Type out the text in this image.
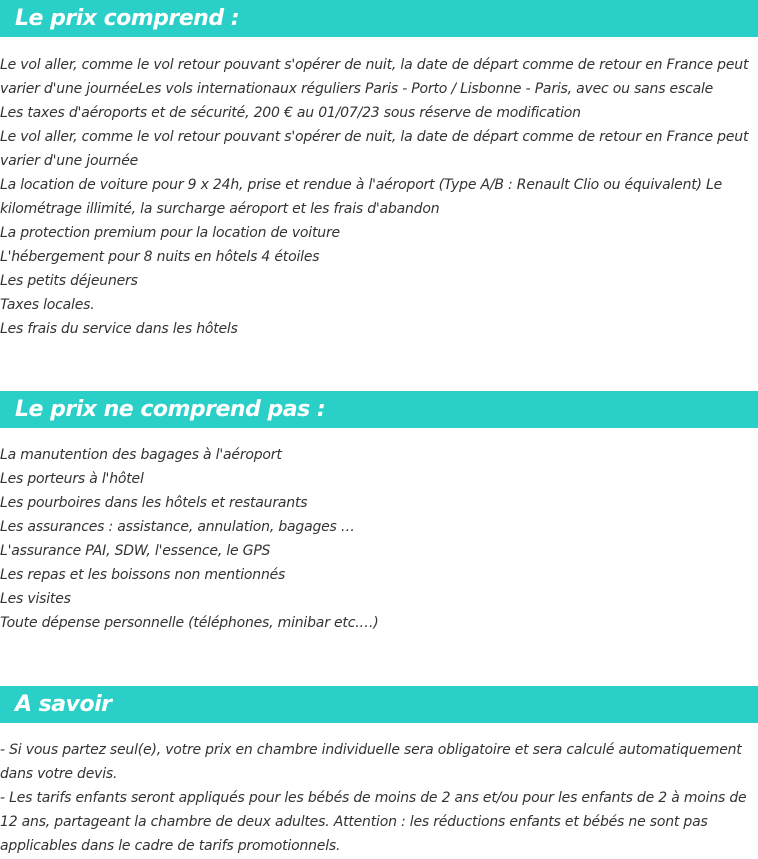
Le prix comprend :

Le vol aller, comme le vol retour pouvant s'opérer de nuit, la date de départ comme de retour en France peut varier d'une journéeLes vols internationaux réguliers Paris - Porto / Lisbonne - Paris, avec ou sans escale

Les taxes d'aéroports et de sécurité, 200 € au 01/07/23 sous réserve de modification

Le vol aller, comme le vol retour pouvant s'opérer de nuit, la date de départ comme de retour en France peut varier d'une journée

La location de voiture pour 9 x 24h, prise et rendue à l'aéroport (Type A/B : Renault Clio ou équivalent) Le kilométrage illimité, la surcharge aéroport et les frais d'abandon

La protection premium pour la location de voiture

L'hébergement pour 8 nuits en hôtels 4 étoiles

Les petits déjeuners

Taxes locales.

Les frais du service dans les hôtels

Le prix ne comprend pas :

La manutention des bagages à l'aéroport

Les porteurs à l'hôtel

Les pourboires dans les hôtels et restaurants

Les assurances : assistance, annulation, bagages …

L'assurance PAI, SDW, l'essence, le GPS

Les repas et les boissons non mentionnés

Les visites

Toute dépense personnelle (téléphones, minibar etc.…)

A savoir

- Si vous partez seul(e), votre prix en chambre individuelle sera obligatoire et sera calculé automatiquement dans votre devis.

- Les tarifs enfants seront appliqués pour les bébés de moins de 2 ans et/ou pour les enfants de 2 à moins de 12 ans, partageant la chambre de deux adultes. Attention : les réductions enfants et bébés ne sont pas applicables dans le cadre de tarifs promotionnels.
